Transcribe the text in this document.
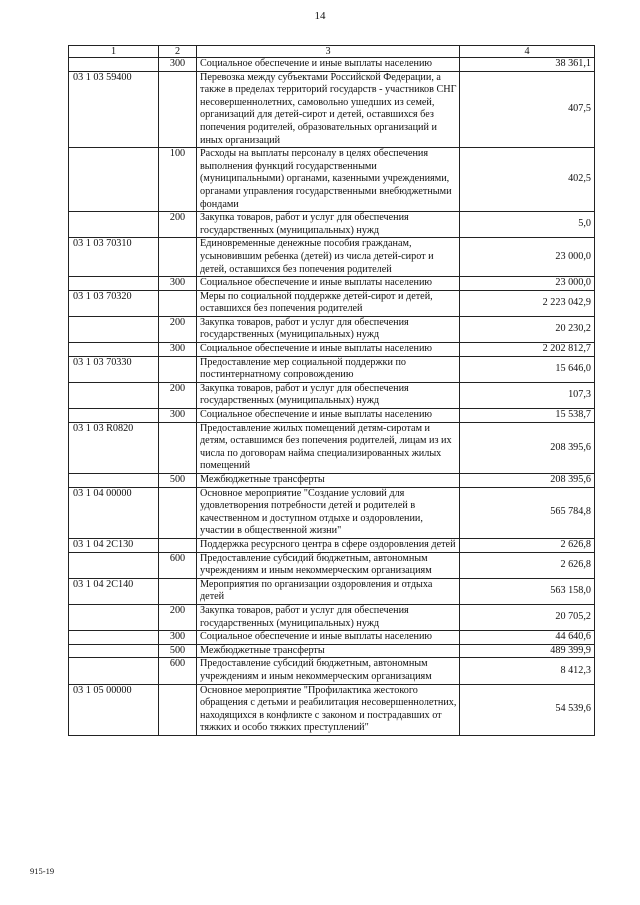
14
1	2	3	4
	300	Социальное обеспечение и иные выплаты населению	38 361,1
03 1 03 59400		Перевозка между субъектами Российской Федерации, а также в пределах территорий государств - участников СНГ несовершеннолетних, самовольно ушедших из семей, организаций для детей-сирот и детей, оставшихся без попечения родителей, образовательных организаций и иных организаций	407,5
	100	Расходы на выплаты персоналу в целях обеспечения выполнения функций государственными (муниципальными) органами, казенными учреждениями, органами управления государственными внебюджетными фондами	402,5
	200	Закупка товаров, работ и услуг для обеспечения государственных (муниципальных) нужд	5,0
03 1 03 70310		Единовременные денежные пособия гражданам, усыновившим ребенка (детей) из числа детей-сирот и детей, оставшихся без попечения родителей	23 000,0
	300	Социальное обеспечение и иные выплаты населению	23 000,0
03 1 03 70320		Меры по социальной поддержке детей-сирот и детей, оставшихся без попечения родителей	2 223 042,9
	200	Закупка товаров, работ и услуг для обеспечения государственных (муниципальных) нужд	20 230,2
	300	Социальное обеспечение и иные выплаты населению	2 202 812,7
03 1 03 70330		Предоставление мер социальной поддержки по постинтернатному сопровождению	15 646,0
	200	Закупка товаров, работ и услуг для обеспечения государственных (муниципальных) нужд	107,3
	300	Социальное обеспечение и иные выплаты населению	15 538,7
03 1 03 R0820		Предоставление жилых помещений детям-сиротам и детям, оставшимся без попечения родителей, лицам из их числа по договорам найма специализированных жилых помещений	208 395,6
	500	Межбюджетные трансферты	208 395,6
03 1 04 00000		Основное мероприятие "Создание условий для удовлетворения потребности детей и родителей в качественном и доступном отдыхе и оздоровлении, участии в общественной жизни"	565 784,8
03 1 04 2C130		Поддержка ресурсного центра в сфере оздоровления детей	2 626,8
	600	Предоставление субсидий бюджетным, автономным учреждениям и иным некоммерческим организациям	2 626,8
03 1 04 2C140		Мероприятия по организации оздоровления и отдыха детей	563 158,0
	200	Закупка товаров, работ и услуг для обеспечения государственных (муниципальных) нужд	20 705,2
	300	Социальное обеспечение и иные выплаты населению	44 640,6
	500	Межбюджетные трансферты	489 399,9
	600	Предоставление субсидий бюджетным, автономным учреждениям и иным некоммерческим организациям	8 412,3
03 1 05 00000		Основное мероприятие "Профилактика жестокого обращения с детьми и реабилитация несовершеннолетних, находящихся в конфликте с законом и пострадавших от тяжких и особо тяжких преступлений"	54 539,6
915-19
